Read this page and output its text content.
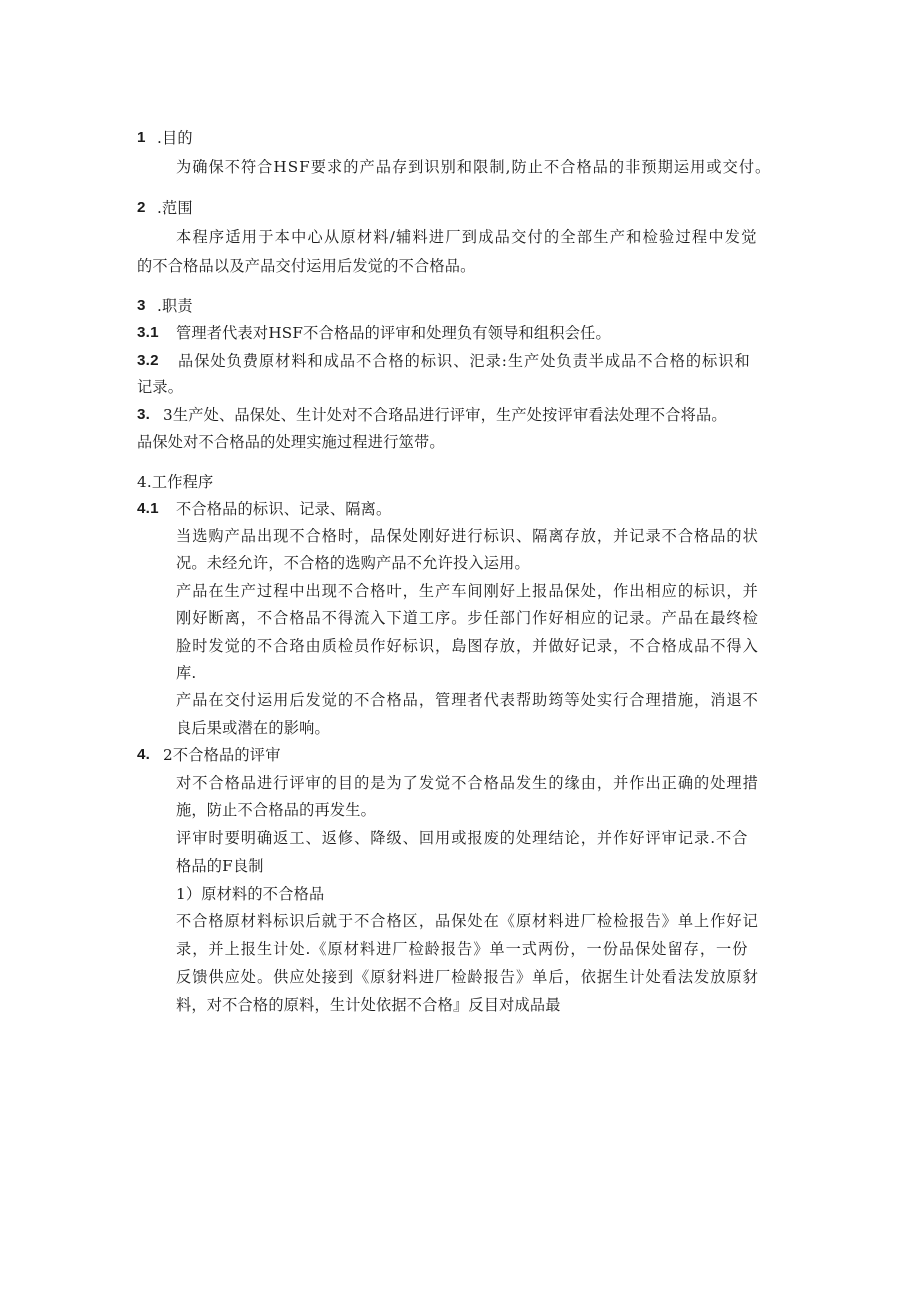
1 .目的
为确保不符合HSF要求的产品存到识别和限制,防止不合格品的非预期运用或交付。
2 .范围
本程序适用于本中心从原材料/辅料进厂到成品交付的全部生产和检验过程中发觉
的不合格品以及产品交付运用后发觉的不合格品。
3 .职责
3.1 管理者代表对HSF不合格品的评审和处理负有领导和组积会任。
3.2 品保处负费原材料和成品不合格的标识、汜录:生产处负责半成品不合格的标识和
记录。
3. 3生产处、品保处、生计处对不合珞品进行评审，生产处按评审看法处理不合将品。
品保处对不合格品的处理实施过程进行筮带。
4.工作程序
4.1 不合格品的标识、记录、隔离。
当选购产品出现不合格时，品保处刚好进行标识、隔离存放，并记录不合格品的状
况。未经允许，不合格的选购产品不允许投入运用。
产品在生产过程中出现不合格叶，生产车间刚好上报品保处，作出相应的标识，并
刚好断离，不合格品不得流入下道工序。步任部门作好相应的记录。产品在最终检
脸时发觉的不合珞由质检员作好标识，島图存放，并做好记录，不合格成品不得入
库.
产品在交付运用后发觉的不合格品，管理者代表帮助筠等处实行合理措施，消退不
良后果或潜在的影响。
4. 2不合格品的评审
对不合格品进行评审的目的是为了发觉不合格品发生的缘由，并作出正确的处理措
施，防止不合格品的再发生。
评审时要明确返工、返修、降级、回用或报废的处理结论，并作好评审记录.不合
格品的F良制
1）原材料的不合格品
不合格原材料标识后就于不合格区，品保处在《原材料进厂检检报告》单上作好记
录，并上报生计处.《原材料进厂检龄报告》单一式两份，一份品保处留存，一份
反馈供应处。供应处接到《原豺料进厂检龄报告》单后，依据生计处看法发放原豺
料，对不合格的原料，生计处依据不合格』反目对成品最
